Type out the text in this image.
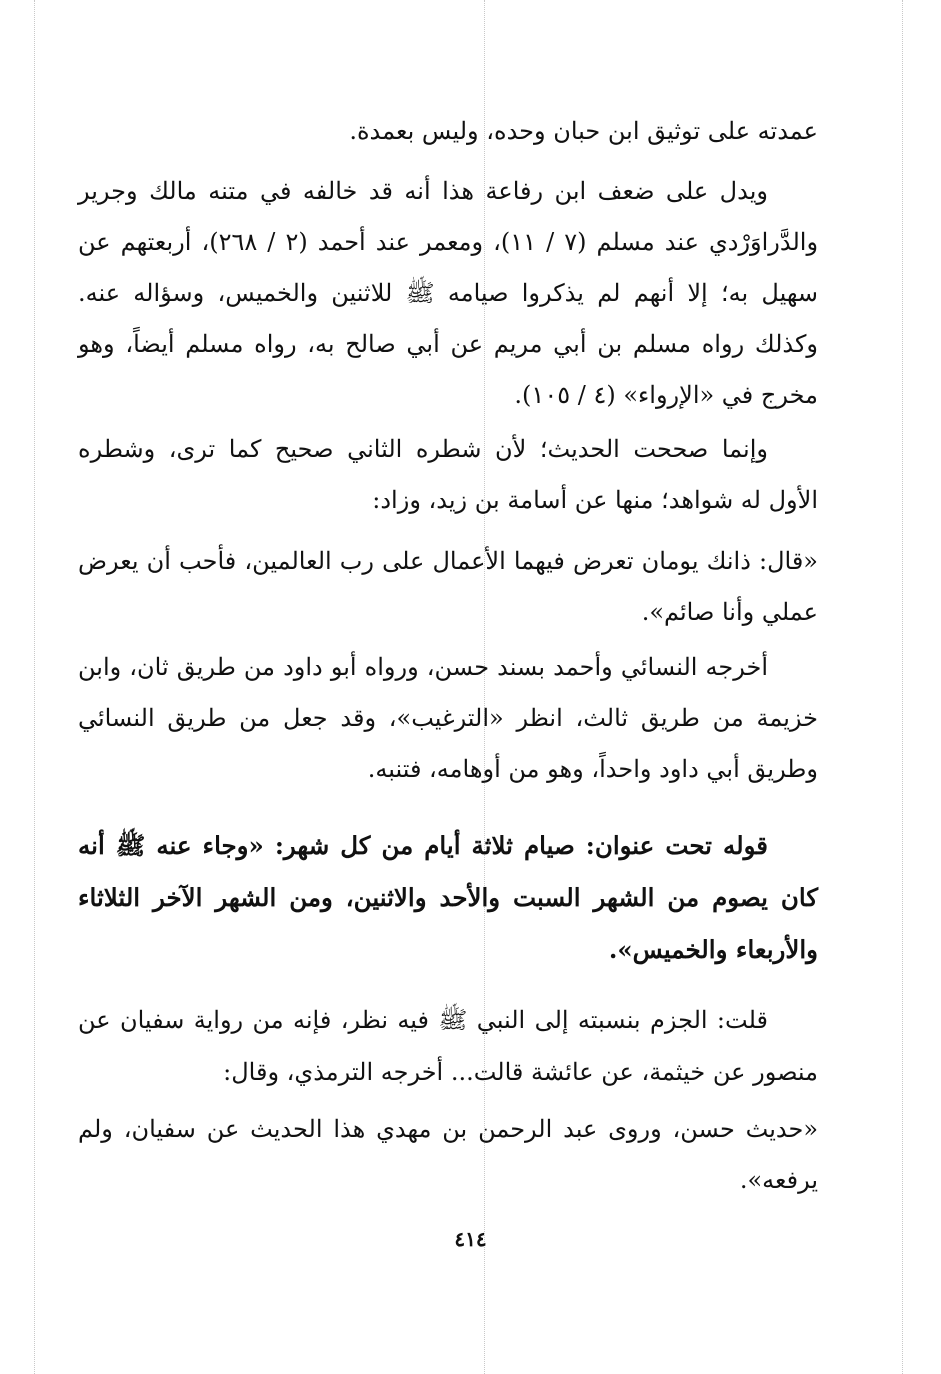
عمدته على توثيق ابن حبان وحده، وليس بعمدة.
ويدل على ضعف ابن رفاعة هذا أنه قد خالفه في متنه مالك وجرير والدَّراوَرْدي عند مسلم (٧ / ١١)، ومعمر عند أحمد (٢ / ٢٦٨)، أربعتهم عن سهيل به؛ إلا أنهم لم يذكروا صيامه ﷺ للاثنين والخميس، وسؤاله عنه. وكذلك رواه مسلم بن أبي مريم عن أبي صالح به، رواه مسلم أيضاً، وهو مخرج في «الإرواء» (٤ / ١٠٥).
وإنما صححت الحديث؛ لأن شطره الثاني صحيح كما ترى، وشطره الأول له شواهد؛ منها عن أسامة بن زيد، وزاد:
«قال: ذانك يومان تعرض فيهما الأعمال على رب العالمين، فأحب أن يعرض عملي وأنا صائم».
أخرجه النسائي وأحمد بسند حسن، ورواه أبو داود من طريق ثان، وابن خزيمة من طريق ثالث، انظر «الترغيب»، وقد جعل من طريق النسائي وطريق أبي داود واحداً، وهو من أوهامه، فتنبه.
قوله تحت عنوان: صيام ثلاثة أيام من كل شهر: «وجاء عنه ﷺ أنه كان يصوم من الشهر السبت والأحد والاثنين، ومن الشهر الآخر الثلاثاء والأربعاء والخميس».
قلت: الجزم بنسبته إلى النبي ﷺ فيه نظر، فإنه من رواية سفيان عن منصور عن خيثمة، عن عائشة قالت... أخرجه الترمذي، وقال:
«حديث حسن، وروى عبد الرحمن بن مهدي هذا الحديث عن سفيان، ولم يرفعه».
٤١٤
